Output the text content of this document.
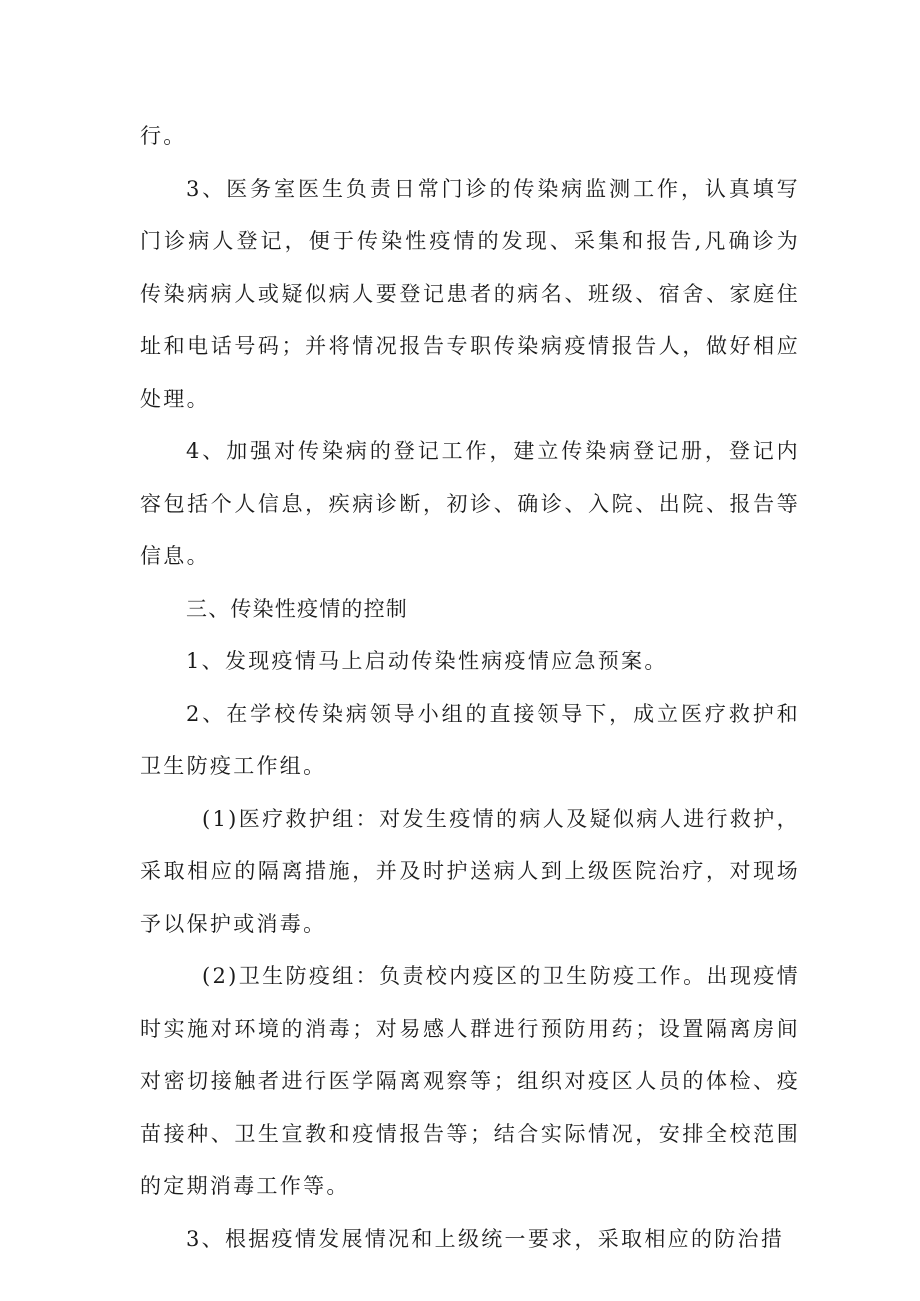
行。

3、医务室医生负责日常门诊的传染病监测工作，认真填写门诊病人登记，便于传染性疫情的发现、采集和报告,凡确诊为传染病病人或疑似病人要登记患者的病名、班级、宿舍、家庭住址和电话号码；并将情况报告专职传染病疫情报告人，做好相应处理。

4、加强对传染病的登记工作，建立传染病登记册，登记内容包括个人信息，疾病诊断，初诊、确诊、入院、出院、报告等信息。

三、传染性疫情的控制

1、发现疫情马上启动传染性病疫情应急预案。

2、在学校传染病领导小组的直接领导下，成立医疗救护和卫生防疫工作组。

(1)医疗救护组：对发生疫情的病人及疑似病人进行救护，采取相应的隔离措施，并及时护送病人到上级医院治疗，对现场予以保护或消毒。

(2)卫生防疫组：负责校内疫区的卫生防疫工作。出现疫情时实施对环境的消毒；对易感人群进行预防用药；设置隔离房间对密切接触者进行医学隔离观察等；组织对疫区人员的体检、疫苗接种、卫生宣教和疫情报告等；结合实际情况，安排全校范围的定期消毒工作等。

3、根据疫情发展情况和上级统一要求，采取相应的防治措
